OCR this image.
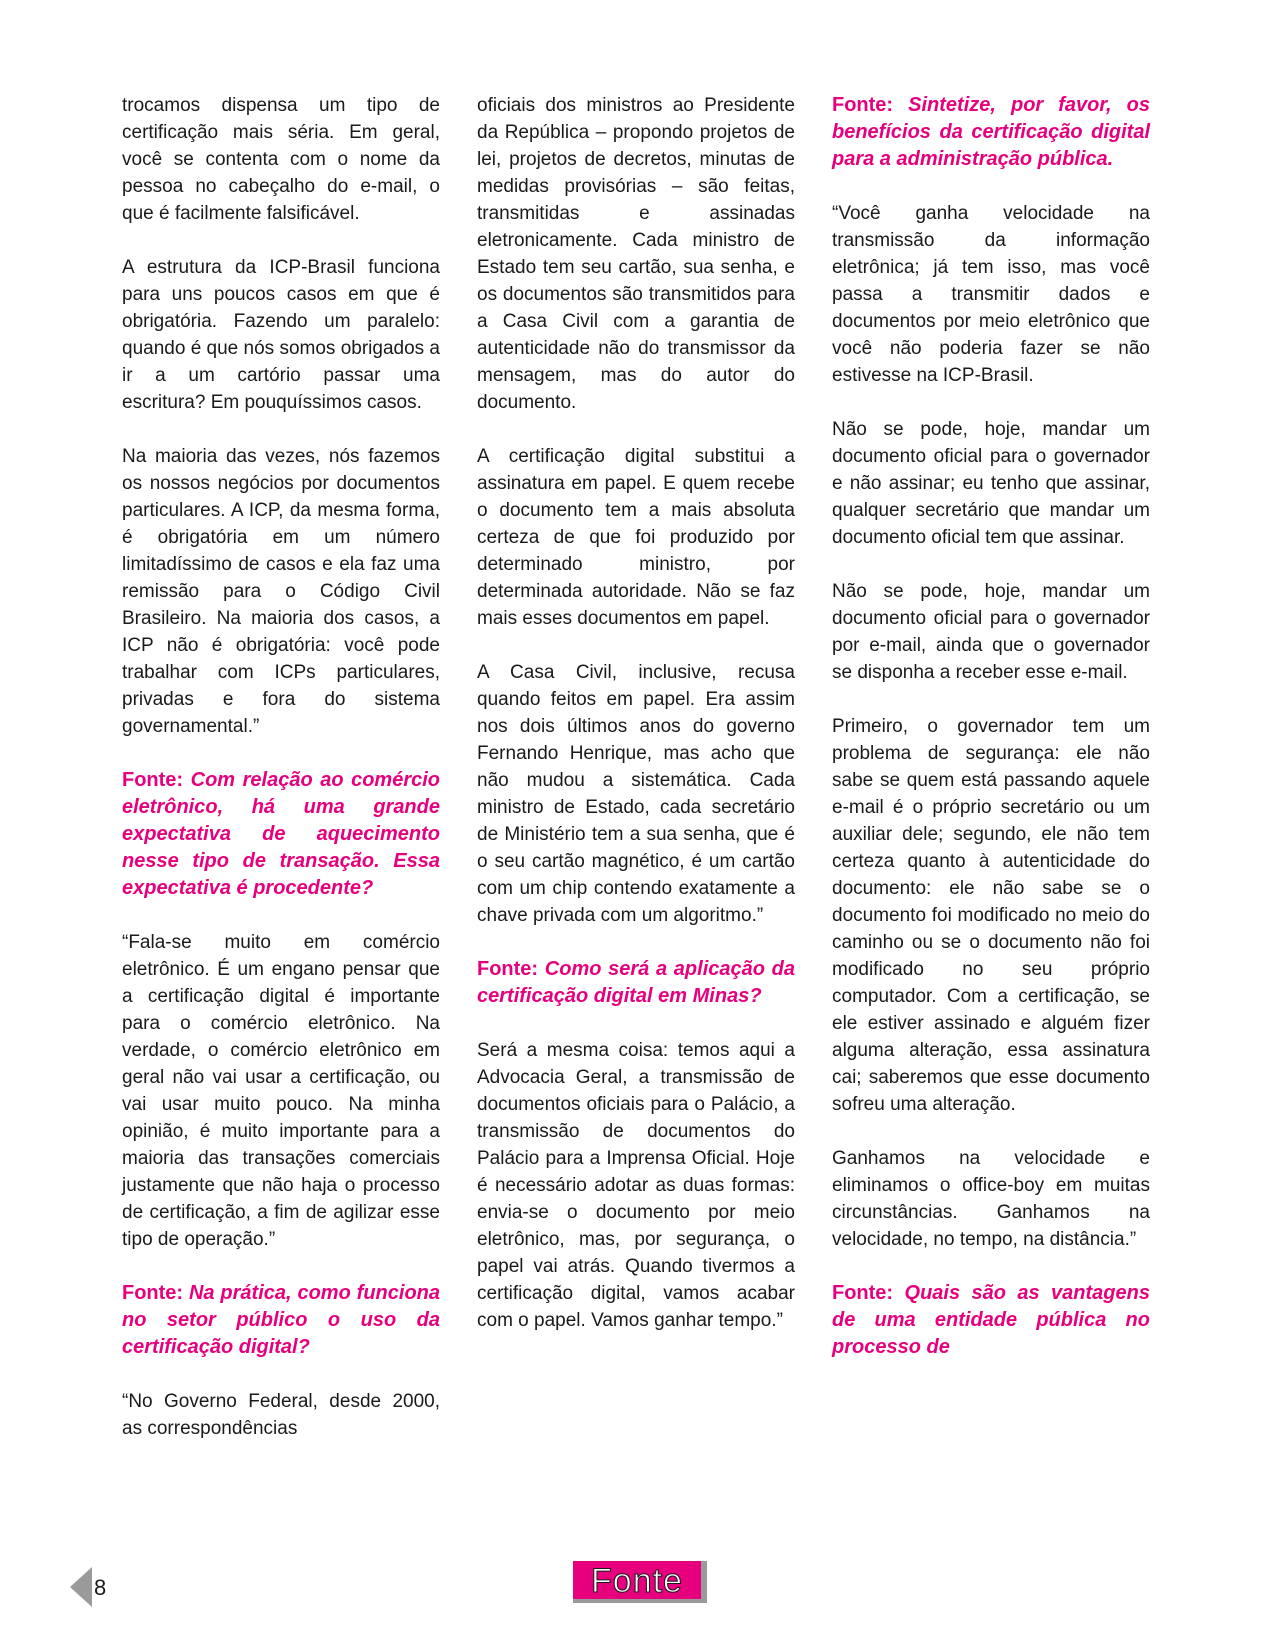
trocamos dispensa um tipo de certificação mais séria. Em geral, você se contenta com o nome da pessoa no cabeçalho do e-mail, o que é facilmente falsificável.

A estrutura da ICP-Brasil funciona para uns poucos casos em que é obrigatória. Fazendo um paralelo: quando é que nós somos obrigados a ir a um cartório passar uma escritura? Em pouquíssimos casos.

Na maioria das vezes, nós fazemos os nossos negócios por documentos particulares. A ICP, da mesma forma, é obrigatória em um número limitadíssimo de casos e ela faz uma remissão para o Código Civil Brasileiro. Na maioria dos casos, a ICP não é obrigatória: você pode trabalhar com ICPs particulares, privadas e fora do sistema governamental.”

Fonte: Com relação ao comércio eletrônico, há uma grande expectativa de aquecimento nesse tipo de transação. Essa expectativa é procedente?

“Fala-se muito em comércio eletrônico. É um engano pensar que a certificação digital é importante para o comércio eletrônico. Na verdade, o comércio eletrônico em geral não vai usar a certificação, ou vai usar muito pouco. Na minha opinião, é muito importante para a maioria das transações comerciais justamente que não haja o processo de certificação, a fim de agilizar esse tipo de operação.”

Fonte: Na prática, como funciona no setor público o uso da certificação digital?

“No Governo Federal, desde 2000, as correspondências

oficiais dos ministros ao Presidente da República – propondo projetos de lei, projetos de decretos, minutas de medidas provisórias – são feitas, transmitidas e assinadas eletronicamente. Cada ministro de Estado tem seu cartão, sua senha, e os documentos são transmitidos para a Casa Civil com a garantia de autenticidade não do transmissor da mensagem, mas do autor do documento.

A certificação digital substitui a assinatura em papel. E quem recebe o documento tem a mais absoluta certeza de que foi produzido por determinado ministro, por determinada autoridade. Não se faz mais esses documentos em papel.

A Casa Civil, inclusive, recusa quando feitos em papel. Era assim nos dois últimos anos do governo Fernando Henrique, mas acho que não mudou a sistemática. Cada ministro de Estado, cada secretário de Ministério tem a sua senha, que é o seu cartão magnético, é um cartão com um chip contendo exatamente a chave privada com um algoritmo.”

Fonte: Como será a aplicação da certificação digital em Minas?

Será a mesma coisa: temos aqui a Advocacia Geral, a transmissão de documentos oficiais para o Palácio, a transmissão de documentos do Palácio para a Imprensa Oficial. Hoje é necessário adotar as duas formas: envia-se o documento por meio eletrônico, mas, por segurança, o papel vai atrás. Quando tivermos a certificação digital, vamos acabar com o papel. Vamos ganhar tempo.”

Fonte: Sintetize, por favor, os benefícios da certificação digital para a administração pública.

“Você ganha velocidade na transmissão da informação eletrônica; já tem isso, mas você passa a transmitir dados e documentos por meio eletrônico que você não poderia fazer se não estivesse na ICP-Brasil.

Não se pode, hoje, mandar um documento oficial para o governador e não assinar; eu tenho que assinar, qualquer secretário que mandar um documento oficial tem que assinar.

Não se pode, hoje, mandar um documento oficial para o governador por e-mail, ainda que o governador se disponha a receber esse e-mail.

Primeiro, o governador tem um problema de segurança: ele não sabe se quem está passando aquele e-mail é o próprio secretário ou um auxiliar dele; segundo, ele não tem certeza quanto à autenticidade do documento: ele não sabe se o documento foi modificado no meio do caminho ou se o documento não foi modificado no seu próprio computador. Com a certificação, se ele estiver assinado e alguém fizer alguma alteração, essa assinatura cai; saberemos que esse documento sofreu uma alteração.

Ganhamos na velocidade e eliminamos o office-boy em muitas circunstâncias. Ganhamos na velocidade, no tempo, na distância.”

Fonte: Quais são as vantagens de uma entidade pública no processo de
8	Fonte
